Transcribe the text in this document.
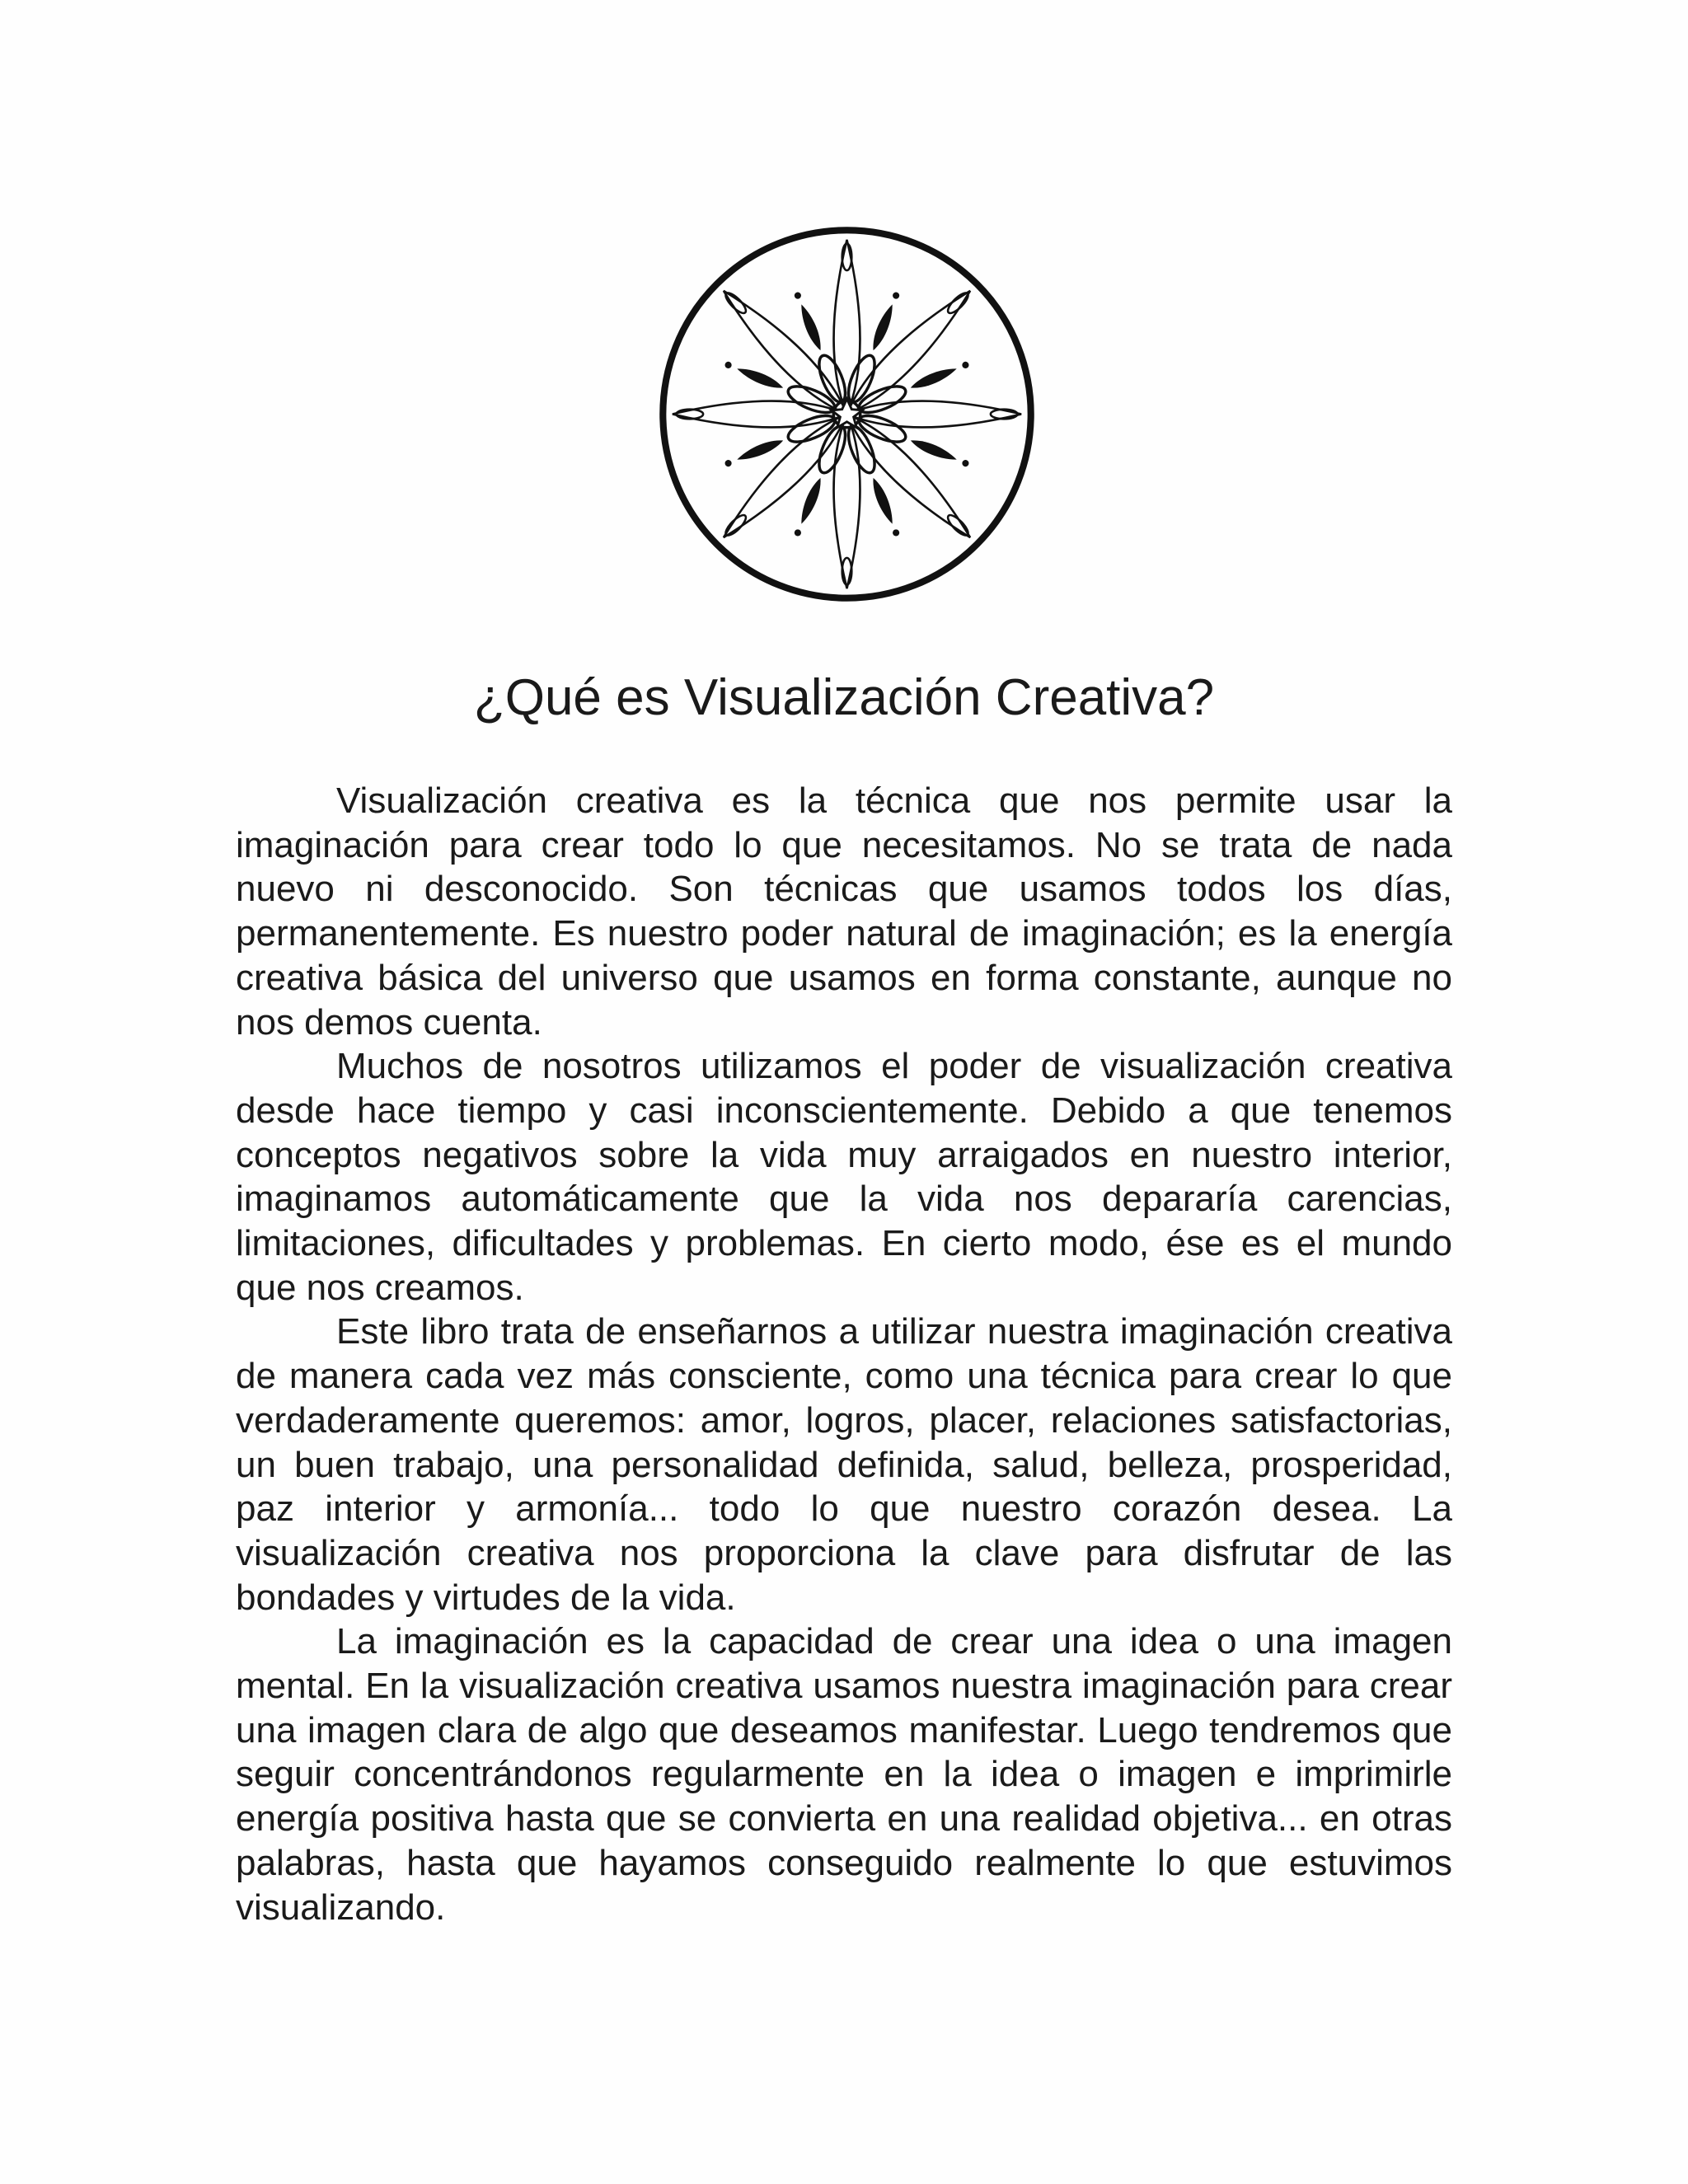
¿Qué es Visualización Creativa?

Visualización creativa es la técnica que nos permite usar la imaginación para crear todo lo que necesitamos. No se trata de nada nuevo ni desconocido. Son técnicas que usamos todos los días, permanentemente. Es nuestro poder natural de imaginación; es la energía creativa básica del universo que usamos en forma constante, aunque no nos demos cuenta.

Muchos de nosotros utilizamos el poder de visualización creativa desde hace tiempo y casi inconscientemente. Debido a que tenemos conceptos negativos sobre la vida muy arraigados en nuestro interior, imaginamos automáticamente que la vida nos depararía carencias, limitaciones, dificultades y problemas. En cierto modo, ése es el mundo que nos creamos.

Este libro trata de enseñarnos a utilizar nuestra imaginación creativa de manera cada vez más consciente, como una técnica para crear lo que verdaderamente queremos: amor, logros, placer, relaciones satisfactorias, un buen trabajo, una personalidad definida, salud, belleza, prosperidad, paz interior y armonía... todo lo que nuestro corazón desea. La visualización creativa nos proporciona la clave para disfrutar de las bondades y virtudes de la vida.

La imaginación es la capacidad de crear una idea o una imagen mental. En la visualización creativa usamos nuestra imaginación para crear una imagen clara de algo que deseamos manifestar. Luego tendremos que seguir concentrándonos regularmente en la idea o imagen e imprimirle energía positiva hasta que se convierta en una realidad objetiva... en otras palabras, hasta que hayamos conseguido realmente lo que estuvimos visualizando.
